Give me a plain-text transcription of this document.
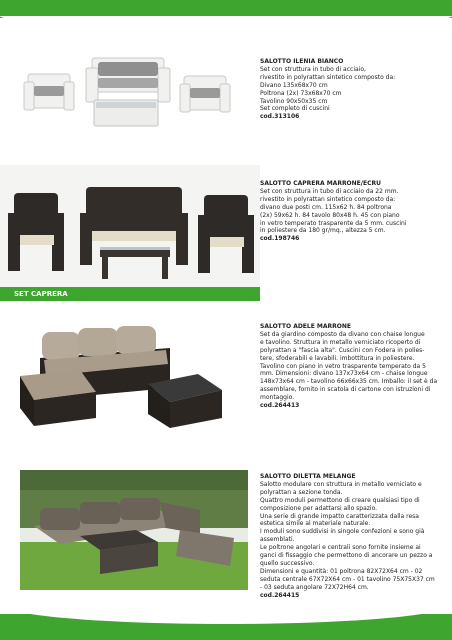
SALOTTO ILENIA BIANCO
Set con struttura in tubo di acciaio,
rivestito in polyrattan sintetico composto da:
Divano 135x68x70 cm
Poltrona (2x) 73x68x70 cm
Tavolino 90x50x35 cm
Set completo di cuscini
cod.313106
SET CAPRERA
SALOTTO CAPRERA MARRONE/ECRU
Set con struttura in tubo di acciaio da 22 mm.
rivestito in polyrattan sintetico composto da:
divano due posti cm. 115x62 h. 84 poltrona
(2x) 59x62 h. 84 tavolo 80x48 h. 45 con piano
in vetro temperato trasparente da 5 mm. cuscini
in poliestere da 180 gr/mq., altezza 5 cm.
cod.198746
SALOTTO ADELE MARRONE
Set da giardino composto da divano con chaise longue
e tavolino. Struttura in metallo verniciato ricoperto di
polyrattan a "fascia alta". Cuscini con Fodera in polies-
tere, sfoderabili e lavabili. imbottitura in poliestere.
Tavolino con piano in vetro trasparente temperato da 5
mm. Dimensioni: divano 137x73x64 cm - chaise longue
148x73x64 cm - tavolino 66x66x35 cm. Imballo: il set è da
assemblare, fornito in scatola di cartone con istruzioni di
montaggio.
cod.264413
SALOTTO DILETTA MELANGE
Salotto modulare con struttura in metallo verniciato e
polyrattan a sezione tonda.
Quattro moduli permettono di creare qualsiasi tipo di
composizione per adattarsi allo spazio.
Una serie di grande impatto caratterizzata dalla resa
estetica simile al materiale naturale.
I moduli sono suddivisi in singole confezioni e sono già
assemblati.
Le poltrone angolari e centrali sono fornite insieme ai
ganci di fissaggio che permettono di ancorare un pezzo a
quello successivo.
Dimensioni e quantità: 01 poltrona 82X72X64 cm - 02
seduta centrale 67X72X64 cm - 01 tavolino 75X75X37 cm
- 03 seduta angolare 72X72H64 cm.
cod.264415
4
